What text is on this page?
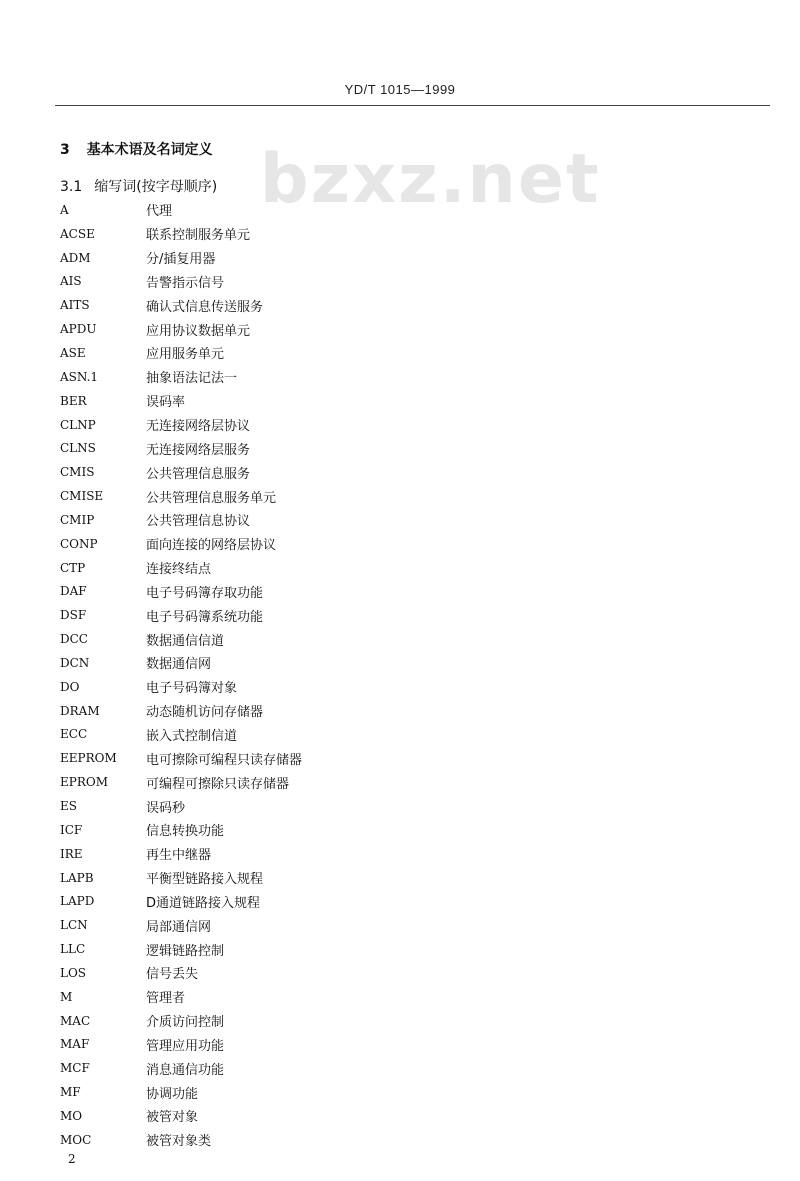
YD/T 1015—1999
bzxz.net
3 基本术语及名词定义
3.1 缩写词(按字母顺序)
A	代理
ACSE	联系控制服务单元
ADM	分/插复用器
AIS	告警指示信号
AITS	确认式信息传送服务
APDU	应用协议数据单元
ASE	应用服务单元
ASN.1	抽象语法记法一
BER	误码率
CLNP	无连接网络层协议
CLNS	无连接网络层服务
CMIS	公共管理信息服务
CMISE	公共管理信息服务单元
CMIP	公共管理信息协议
CONP	面向连接的网络层协议
CTP	连接终结点
DAF	电子号码簿存取功能
DSF	电子号码簿系统功能
DCC	数据通信信道
DCN	数据通信网
DO	电子号码簿对象
DRAM	动态随机访问存储器
ECC	嵌入式控制信道
EEPROM	电可擦除可编程只读存储器
EPROM	可编程可擦除只读存储器
ES	误码秒
ICF	信息转换功能
IRE	再生中继器
LAPB	平衡型链路接入规程
LAPD	D通道链路接入规程
LCN	局部通信网
LLC	逻辑链路控制
LOS	信号丢失
M	管理者
MAC	介质访问控制
MAF	管理应用功能
MCF	消息通信功能
MF	协调功能
MO	被管对象
MOC	被管对象类
2
